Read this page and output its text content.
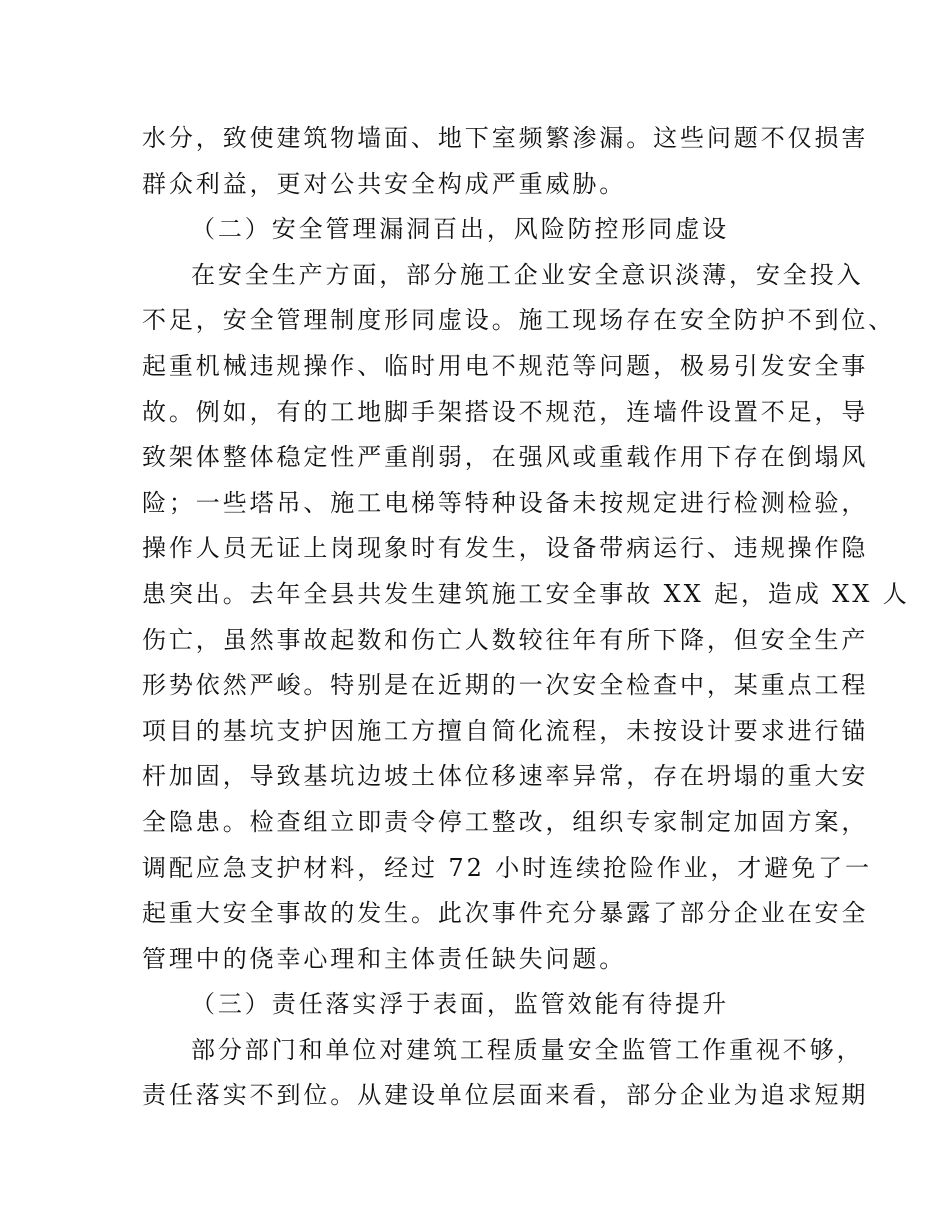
水分，致使建筑物墙面、地下室频繁渗漏。这些问题不仅损害
群众利益，更对公共安全构成严重威胁。
（二）安全管理漏洞百出，风险防控形同虚设
在安全生产方面，部分施工企业安全意识淡薄，安全投入
不足，安全管理制度形同虚设。施工现场存在安全防护不到位、
起重机械违规操作、临时用电不规范等问题，极易引发安全事
故。例如，有的工地脚手架搭设不规范，连墙件设置不足，导
致架体整体稳定性严重削弱，在强风或重载作用下存在倒塌风
险；一些塔吊、施工电梯等特种设备未按规定进行检测检验，
操作人员无证上岗现象时有发生，设备带病运行、违规操作隐
患突出。去年全县共发生建筑施工安全事故 XX 起，造成 XX 人
伤亡，虽然事故起数和伤亡人数较往年有所下降，但安全生产
形势依然严峻。特别是在近期的一次安全检查中，某重点工程
项目的基坑支护因施工方擅自简化流程，未按设计要求进行锚
杆加固，导致基坑边坡土体位移速率异常，存在坍塌的重大安
全隐患。检查组立即责令停工整改，组织专家制定加固方案，
调配应急支护材料，经过 72 小时连续抢险作业，才避免了一
起重大安全事故的发生。此次事件充分暴露了部分企业在安全
管理中的侥幸心理和主体责任缺失问题。
（三）责任落实浮于表面，监管效能有待提升
部分部门和单位对建筑工程质量安全监管工作重视不够，
责任落实不到位。从建设单位层面来看，部分企业为追求短期
